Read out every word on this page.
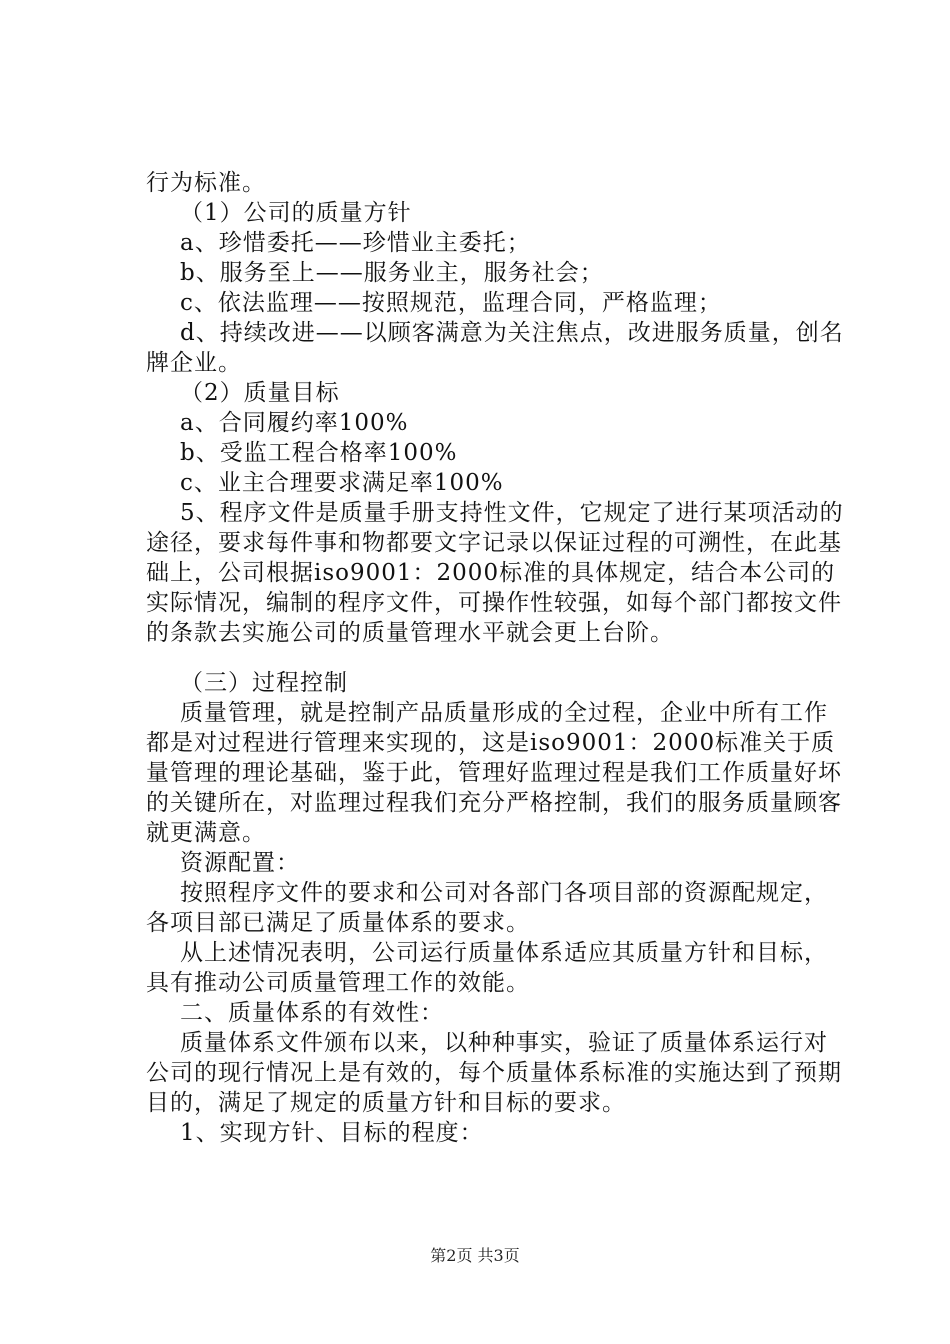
行为标准。

（1）公司的质量方针

a、珍惜委托——珍惜业主委托；

b、服务至上——服务业主，服务社会；

c、依法监理——按照规范，监理合同，严格监理；

d、持续改进——以顾客满意为关注焦点，改进服务质量，创名牌企业。

（2）质量目标

a、合同履约率100%

b、受监工程合格率100%

c、业主合理要求满足率100%

5、程序文件是质量手册支持性文件，它规定了进行某项活动的途径，要求每件事和物都要文字记录以保证过程的可溯性，在此基础上，公司根据iso9001：2000标准的具体规定，结合本公司的实际情况，编制的程序文件，可操作性较强，如每个部门都按文件的条款去实施公司的质量管理水平就会更上台阶。

（三）过程控制

质量管理，就是控制产品质量形成的全过程，企业中所有工作都是对过程进行管理来实现的，这是iso9001：2000标准关于质量管理的理论基础，鉴于此，管理好监理过程是我们工作质量好坏的关键所在，对监理过程我们充分严格控制，我们的服务质量顾客就更满意。

资源配置：

按照程序文件的要求和公司对各部门各项目部的资源配规定，各项目部已满足了质量体系的要求。

从上述情况表明，公司运行质量体系适应其质量方针和目标，具有推动公司质量管理工作的效能。

二、质量体系的有效性：

质量体系文件颁布以来，以种种事实，验证了质量体系运行对公司的现行情况上是有效的，每个质量体系标准的实施达到了预期目的，满足了规定的质量方针和目标的要求。

1、实现方针、目标的程度：

第2页 共3页
